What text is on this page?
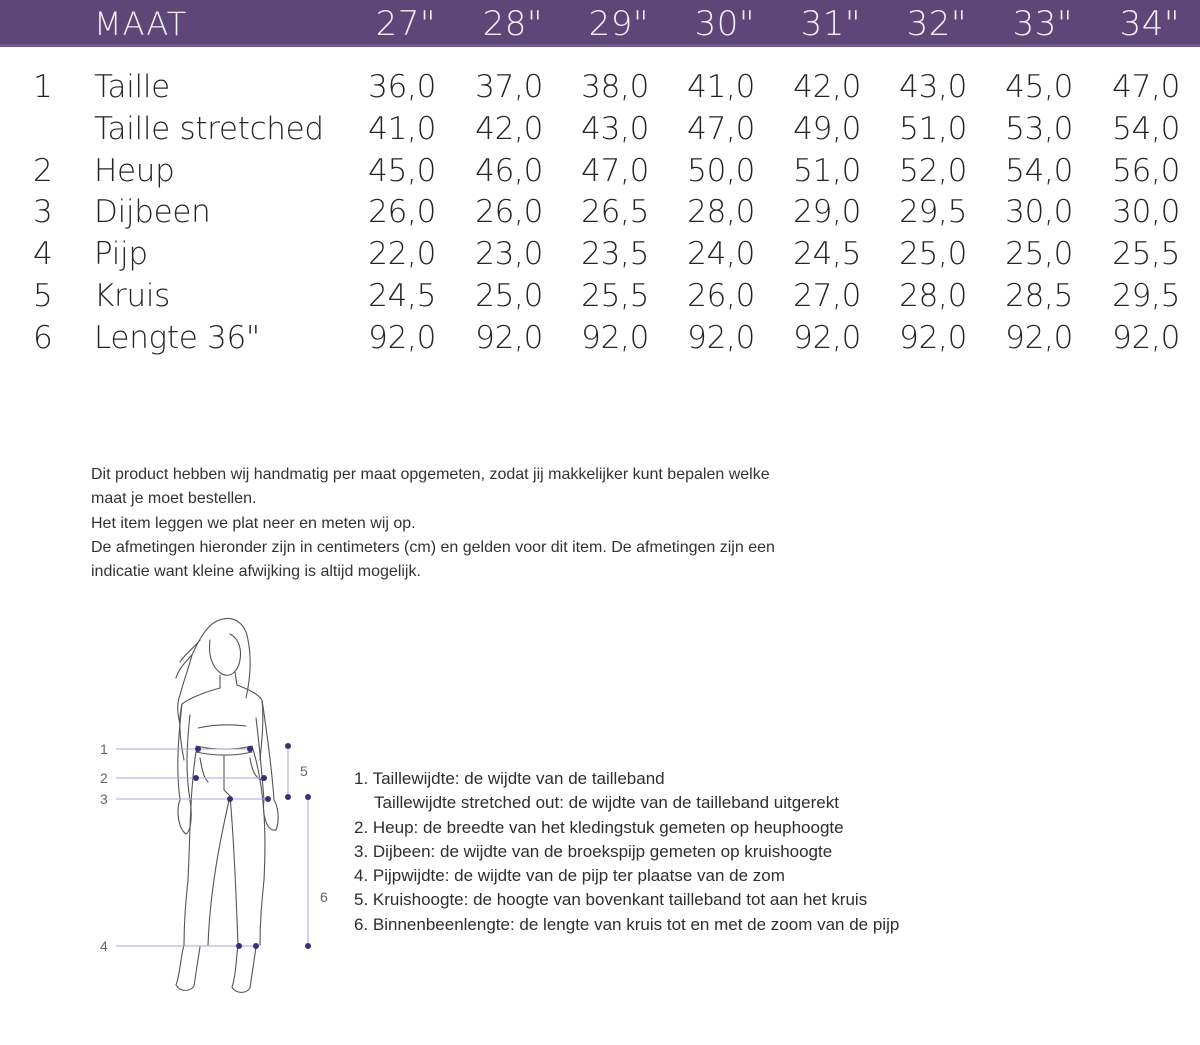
MAAT	27"	28"	29"	30"	31"	32"	33"	34"
1 Taille	36,0	37,0	38,0	41,0	42,0	43,0	45,0	47,0
Taille stretched	41,0	42,0	43,0	47,0	49,0	51,0	53,0	54,0
2 Heup	45,0	46,0	47,0	50,0	51,0	52,0	54,0	56,0
3 Dijbeen	26,0	26,0	26,5	28,0	29,0	29,5	30,0	30,0
4 Pijp	22,0	23,0	23,5	24,0	24,5	25,0	25,0	25,5
5 Kruis	24,5	25,0	25,5	26,0	27,0	28,0	28,5	29,5
6 Lengte 36"	92,0	92,0	92,0	92,0	92,0	92,0	92,0	92,0

Dit product hebben wij handmatig per maat opgemeten, zodat jij makkelijker kunt bepalen welke

maat je moet bestellen.

Het item leggen we plat neer en meten wij op.

De afmetingen hieronder zijn in centimeters (cm) en gelden voor dit item. De afmetingen zijn een

indicatie want kleine afwijking is altijd mogelijk.

1
2
3
4
5
6

1. Taillewijdte: de wijdte van de tailleband

Taillewijdte stretched out: de wijdte van de tailleband uitgerekt

2. Heup: de breedte van het kledingstuk gemeten op heuphoogte

3. Dijbeen: de wijdte van de broekspijp gemeten op kruishoogte

4. Pijpwijdte: de wijdte van de pijp ter plaatse van de zom

5. Kruishoogte: de hoogte van bovenkant tailleband tot aan het kruis

6. Binnenbeenlengte: de lengte van kruis tot en met de zoom van de pijp
